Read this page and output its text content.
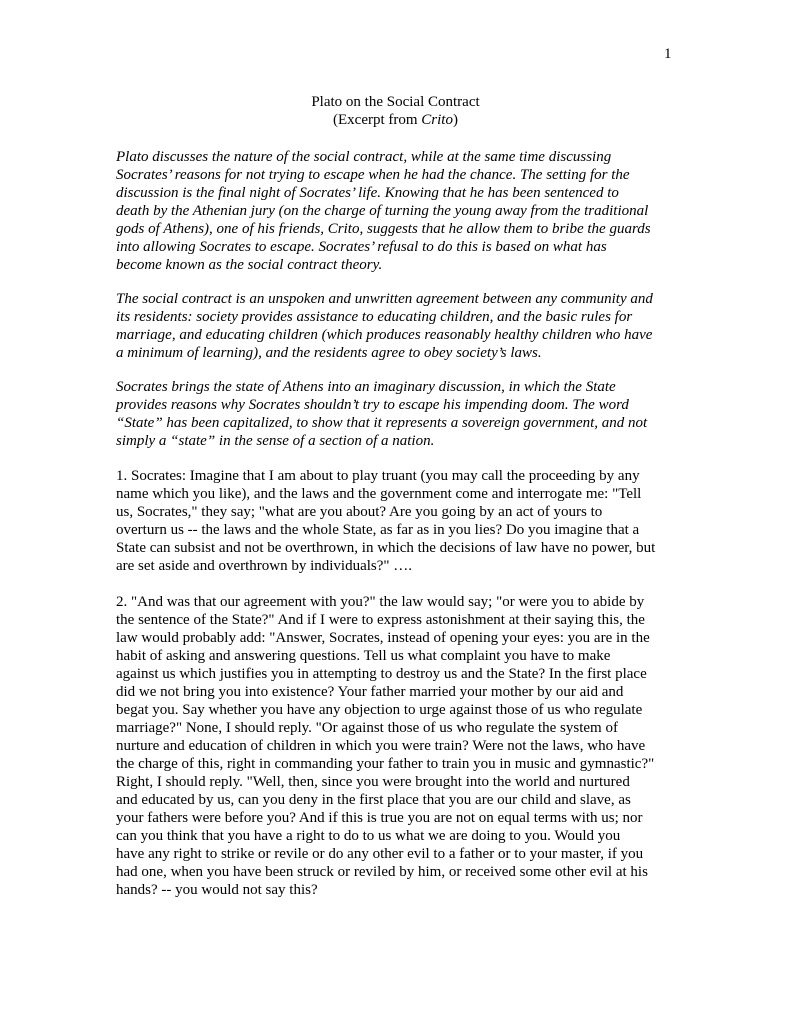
1
Plato on the Social Contract
(Excerpt from Crito)
Plato discusses the nature of the social contract, while at the same time discussing
Socrates’ reasons for not trying to escape when he had the chance. The setting for the
discussion is the final night of Socrates’ life. Knowing that he has been sentenced to
death by the Athenian jury (on the charge of turning the young away from the traditional
gods of Athens), one of his friends, Crito, suggests that he allow them to bribe the guards
into allowing Socrates to escape. Socrates’ refusal to do this is based on what has
become known as the social contract theory.
The social contract is an unspoken and unwritten agreement between any community and
its residents: society provides assistance to educating children, and the basic rules for
marriage, and educating children (which produces reasonably healthy children who have
a minimum of learning), and the residents agree to obey society’s laws.
Socrates brings the state of Athens into an imaginary discussion, in which the State
provides reasons why Socrates shouldn’t try to escape his impending doom. The word
“State” has been capitalized, to show that it represents a sovereign government, and not
simply a “state” in the sense of a section of a nation.
1. Socrates: Imagine that I am about to play truant (you may call the proceeding by any
name which you like), and the laws and the government come and interrogate me: "Tell
us, Socrates," they say; "what are you about? Are you going by an act of yours to
overturn us -- the laws and the whole State, as far as in you lies? Do you imagine that a
State can subsist and not be overthrown, in which the decisions of law have no power, but
are set aside and overthrown by individuals?" ….
2. "And was that our agreement with you?" the law would say; "or were you to abide by
the sentence of the State?" And if I were to express astonishment at their saying this, the
law would probably add: "Answer, Socrates, instead of opening your eyes: you are in the
habit of asking and answering questions. Tell us what complaint you have to make
against us which justifies you in attempting to destroy us and the State? In the first place
did we not bring you into existence? Your father married your mother by our aid and
begat you. Say whether you have any objection to urge against those of us who regulate
marriage?" None, I should reply. "Or against those of us who regulate the system of
nurture and education of children in which you were train? Were not the laws, who have
the charge of this, right in commanding your father to train you in music and gymnastic?"
Right, I should reply. "Well, then, since you were brought into the world and nurtured
and educated by us, can you deny in the first place that you are our child and slave, as
your fathers were before you? And if this is true you are not on equal terms with us; nor
can you think that you have a right to do to us what we are doing to you. Would you
have any right to strike or revile or do any other evil to a father or to your master, if you
had one, when you have been struck or reviled by him, or received some other evil at his
hands? -- you would not say this?
